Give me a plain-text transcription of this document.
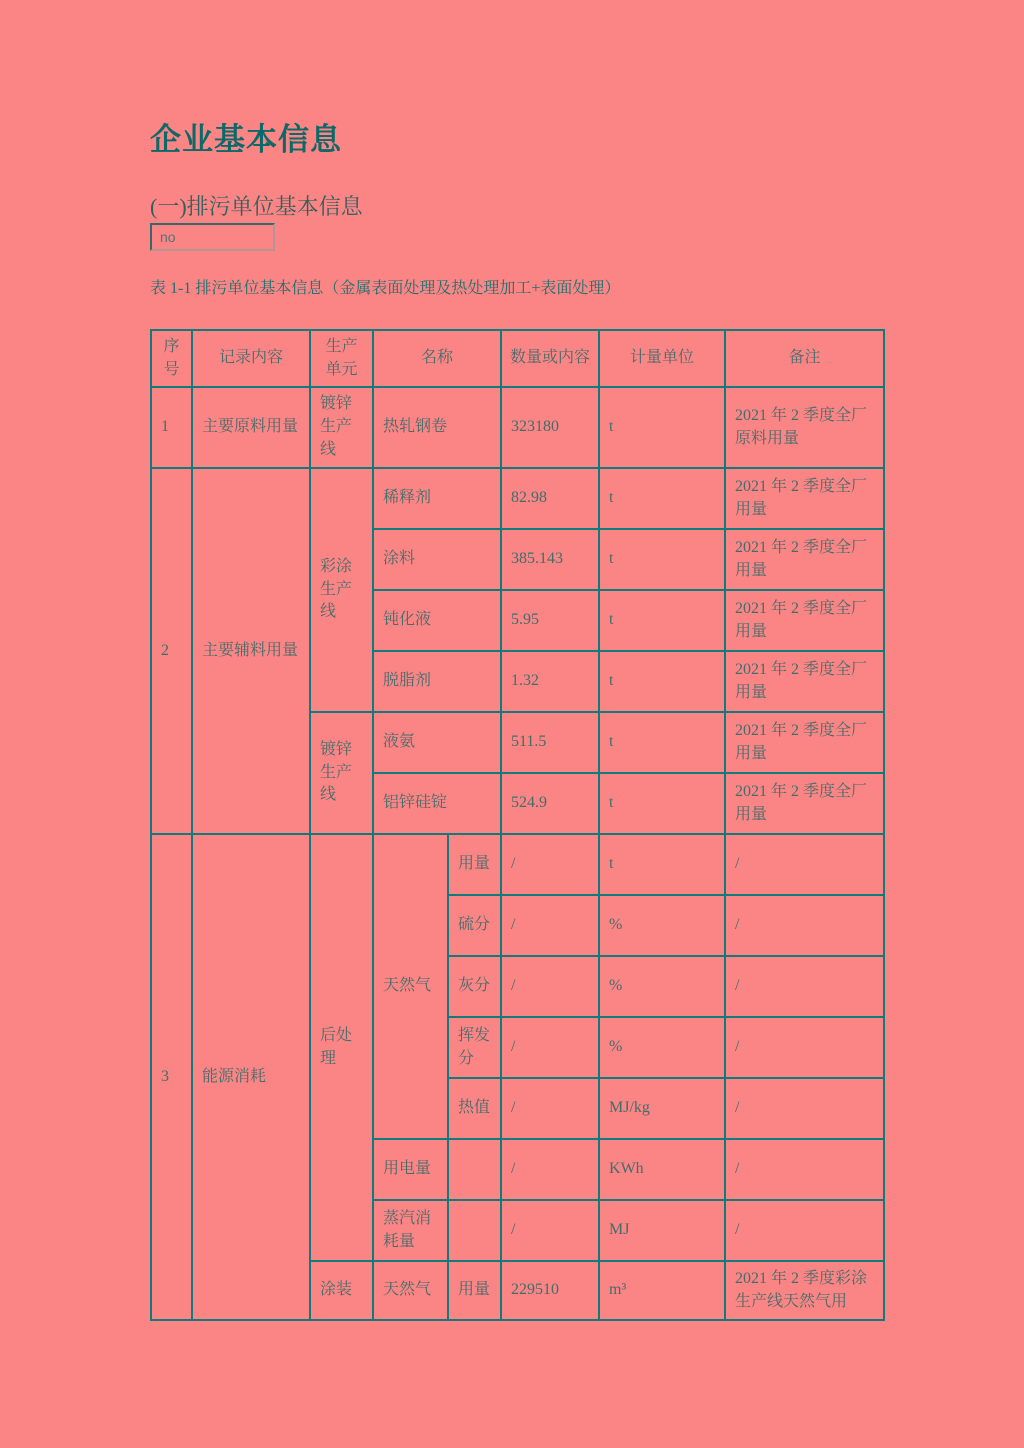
企业基本信息
(一)排污单位基本信息
no
表 1-1 排污单位基本信息（金属表面处理及热处理加工+表面处理）
序号	记录内容	生产单元	名称		数量或内容	计量单位	备注
1	主要原料用量	镀锌生产线	热轧钢卷		323180	t	2021 年 2 季度全厂原料用量
2	主要辅料用量	彩涂生产线	稀释剂		82.98	t	2021 年 2 季度全厂用量
			涂料		385.143	t	2021 年 2 季度全厂用量
			钝化液		5.95	t	2021 年 2 季度全厂用量
			脱脂剂		1.32	t	2021 年 2 季度全厂用量
		镀锌生产线	液氨		511.5	t	2021 年 2 季度全厂用量
			铝锌硅锭		524.9	t	2021 年 2 季度全厂用量
3	能源消耗	后处理	天然气	用量	/	t	/
				硫分	/	%	/
				灰分	/	%	/
				挥发分	/	%	/
				热值	/	MJ/kg	/
			用电量		/	KWh	/
			蒸汽消耗量		/	MJ	/
		涂装	天然气	用量	229510	m³	2021 年 2 季度彩涂生产线天然气用
